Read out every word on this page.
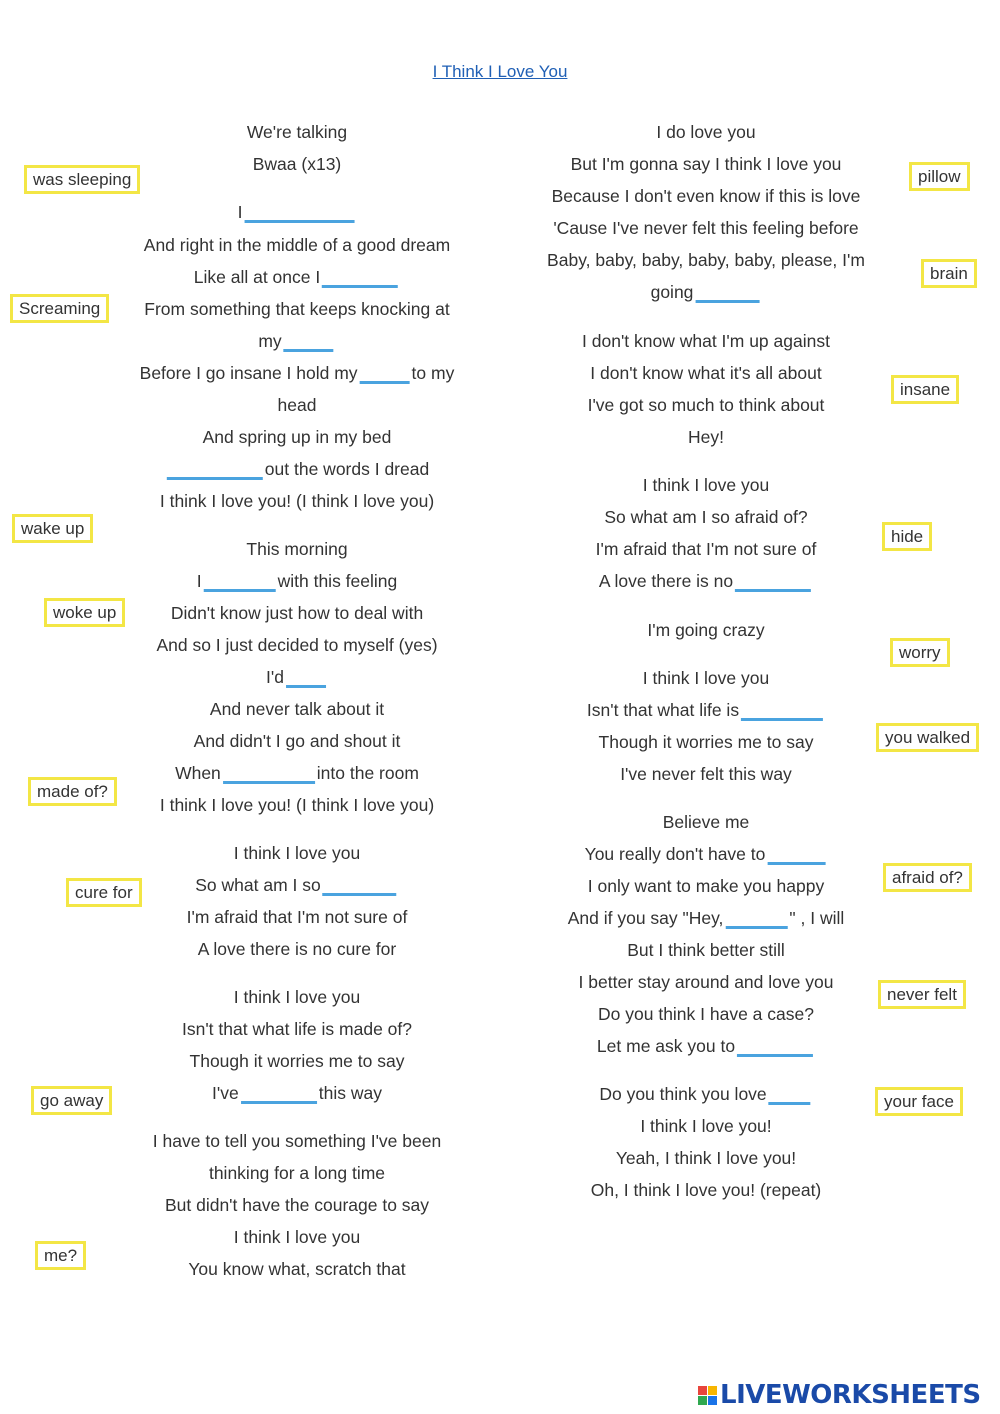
I Think I Love You
We're talking
Bwaa (x13)
I
And right in the middle of a good dream
Like all at once I
From something that keeps knocking at
my
Before I go insane I hold my	to my
head
And spring up in my bed
out the words I dread
I think I love you! (I think I love you)
This morning
I	with this feeling
Didn't know just how to deal with
And so I just decided to myself (yes)
I'd
And never talk about it
And didn't I go and shout it
When	into the room
I think I love you! (I think I love you)
I think I love you
So what am I so
I'm afraid that I'm not sure of
A love there is no cure for
I think I love you
Isn't that what life is made of?
Though it worries me to say
I've	this way
I have to tell you something I've been
thinking for a long time
But didn't have the courage to say
I think I love you
You know what, scratch that
I do love you
But I'm gonna say I think I love you
Because I don't even know if this is love
'Cause I've never felt this feeling before
Baby, baby, baby, baby, baby, please, I'm
going
I don't know what I'm up against
I don't know what it's all about
I've got so much to think about
Hey!
I think I love you
So what am I so afraid of?
I'm afraid that I'm not sure of
A love there is no
I'm going crazy
I think I love you
Isn't that what life is
Though it worries me to say
I've never felt this way
Believe me
You really don't have to
I only want to make you happy
And if you say "Hey,	" , I will
But I think better still
I better stay around and love you
Do you think I have a case?
Let me ask you to
Do you think you love
I think I love you!
Yeah, I think I love you!
Oh, I think I love you! (repeat)
was sleeping
Screaming
wake up
woke up
made of?
cure for
go away
me?
pillow
brain
insane
hide
worry
you walked
afraid of?
never felt
your face
LIVEWORKSHEETS
